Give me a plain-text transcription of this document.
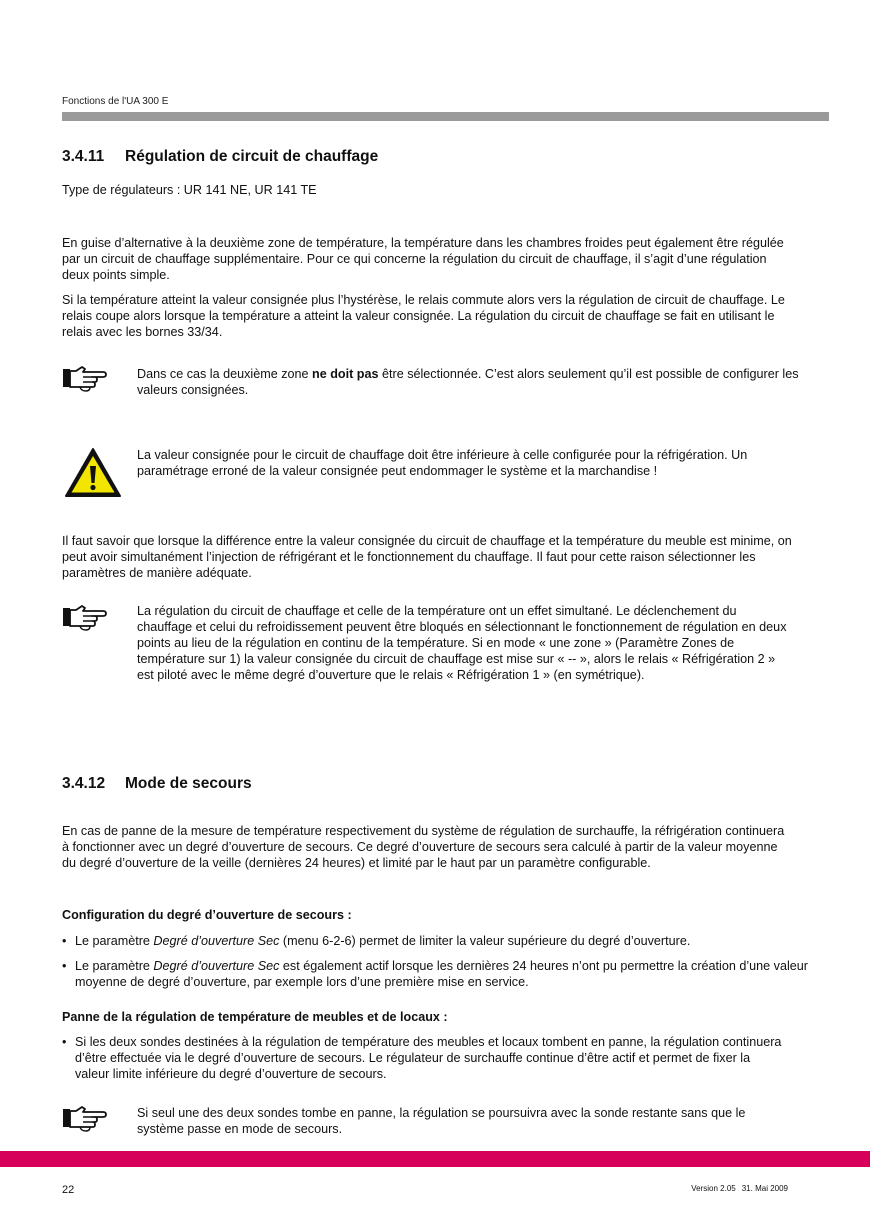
Fonctions de l'UA 300 E
3.4.11 Régulation de circuit de chauffage

Type de régulateurs : UR 141 NE, UR 141 TE

En guise d’alternative à la deuxième zone de température, la température dans les chambres froides peut également être régulée par un circuit de chauffage supplémentaire. Pour ce qui concerne la régulation du circuit de chauffage, il s’agit d’une régulation deux points simple.

Si la température atteint la valeur consignée plus l’hystérèse, le relais commute alors vers la régulation de circuit de chauffage. Le relais coupe alors lorsque la température a atteint la valeur consignée. La régulation du circuit de chauffage se fait en utilisant le relais avec les bornes 33/34.

Dans ce cas la deuxième zone ne doit pas être sélectionnée. C’est alors seulement qu’il est possible de configurer les valeurs consignées.

La valeur consignée pour le circuit de chauffage doit être inférieure à celle configurée pour la réfrigération. Un paramétrage erroné de la valeur consignée peut endommager le système et la marchandise !

Il faut savoir que lorsque la différence entre la valeur consignée du circuit de chauffage et la température du meuble est minime, on peut avoir simultanément l’injection de réfrigérant et le fonctionnement du chauffage. Il faut pour cette raison sélectionner les paramètres de manière adéquate.

La régulation du circuit de chauffage et celle de la température ont un effet simultané. Le déclenchement du chauffage et celui du refroidissement peuvent être bloqués en sélectionnant le fonctionnement de régulation en deux points au lieu de la régulation en continu de la température. Si en mode « une zone » (Paramètre Zones de température sur 1) la valeur consignée du circuit de chauffage est mise sur « -- », alors le relais « Réfrigération 2 » est piloté avec le même degré d’ouverture que le relais « Réfrigération 1 » (en symétrique).

3.4.12 Mode de secours

En cas de panne de la mesure de température respectivement du système de régulation de surchauffe, la réfrigération continuera à fonctionner avec un degré d’ouverture de secours. Ce degré d’ouverture de secours sera calculé à partir de la valeur moyenne du degré d’ouverture de la veille (dernières 24 heures) et limité par le haut par un paramètre configurable.

Configuration du degré d’ouverture de secours :

• Le paramètre Degré d’ouverture Sec (menu 6-2-6) permet de limiter la valeur supérieure du degré d’ouverture.

• Le paramètre Degré d’ouverture Sec est également actif lorsque les dernières 24 heures n’ont pu permettre la création d’une valeur moyenne de degré d’ouverture, par exemple lors d’une première mise en service.

Panne de la régulation de température de meubles et de locaux :

• Si les deux sondes destinées à la régulation de température des meubles et locaux tombent en panne, la régulation continuera d’être effectuée via le degré d’ouverture de secours. Le régulateur de surchauffe continue d’être actif et permet de fixer la valeur limite inférieure du degré d’ouverture de secours.

Si seul une des deux sondes tombe en panne, la régulation se poursuivra avec la sonde restante sans que le système passe en mode de secours.

22	Version 2.05 31. Mai 2009
